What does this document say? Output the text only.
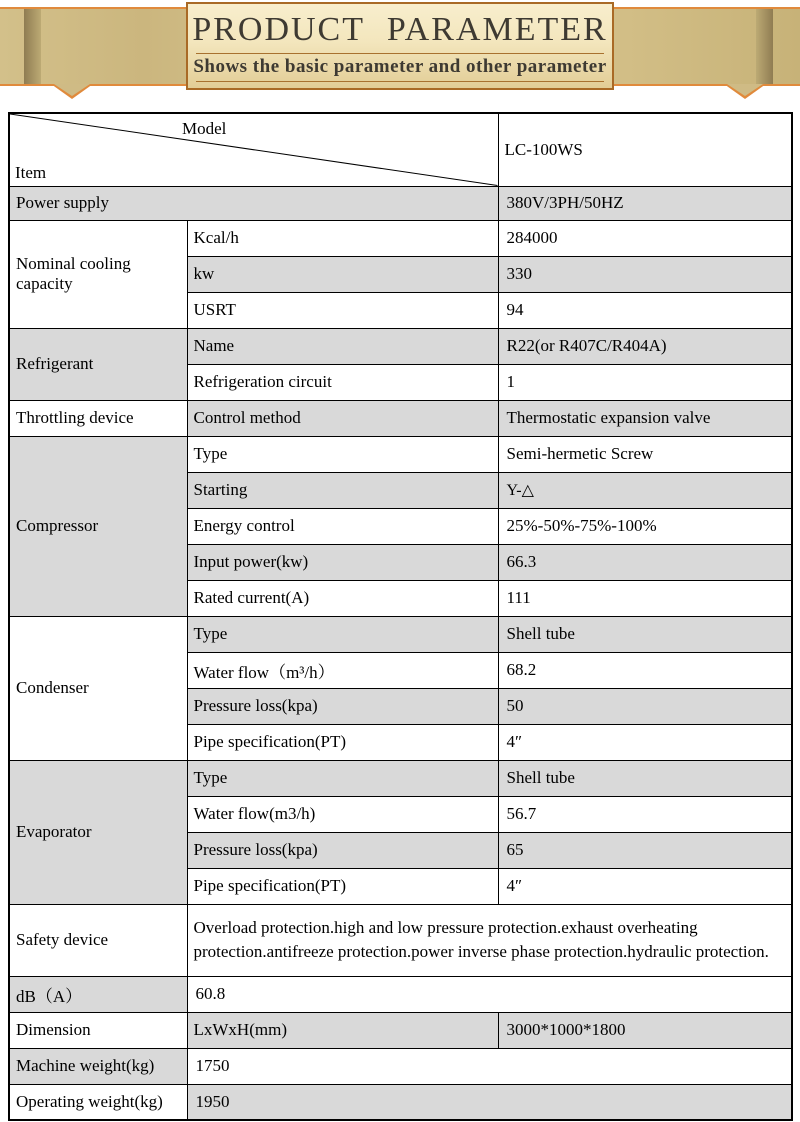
PRODUCT PARAMETER
Shows the basic parameter and other parameter
Model
Item		LC-100WS
Power supply		380V/3PH/50HZ
Nominal cooling capacity	Kcal/h	284000
	kw	330
	USRT	94
Refrigerant	Name	R22(or R407C/R404A)
	Refrigeration circuit	1
Throttling device	Control method	Thermostatic expansion valve
Compressor	Type	Semi-hermetic Screw
	Starting	Y-△
	Energy control	25%-50%-75%-100%
	Input power(kw)	66.3
	Rated current(A)	111
Condenser	Type	Shell tube
	Water flow（m³/h）	68.2
	Pressure loss(kpa)	50
	Pipe specification(PT)	4″
Evaporator	Type	Shell tube
	Water flow(m3/h)	56.7
	Pressure loss(kpa)	65
	Pipe specification(PT)	4″
Safety device	Overload protection.high and low pressure protection.exhaust overheating protection.antifreeze protection.power inverse phase protection.hydraulic protection.	
dB（A）	60.8	
Dimension	LxWxH(mm)	3000*1000*1800
Machine weight(kg)	1750	
Operating weight(kg)	1950	
